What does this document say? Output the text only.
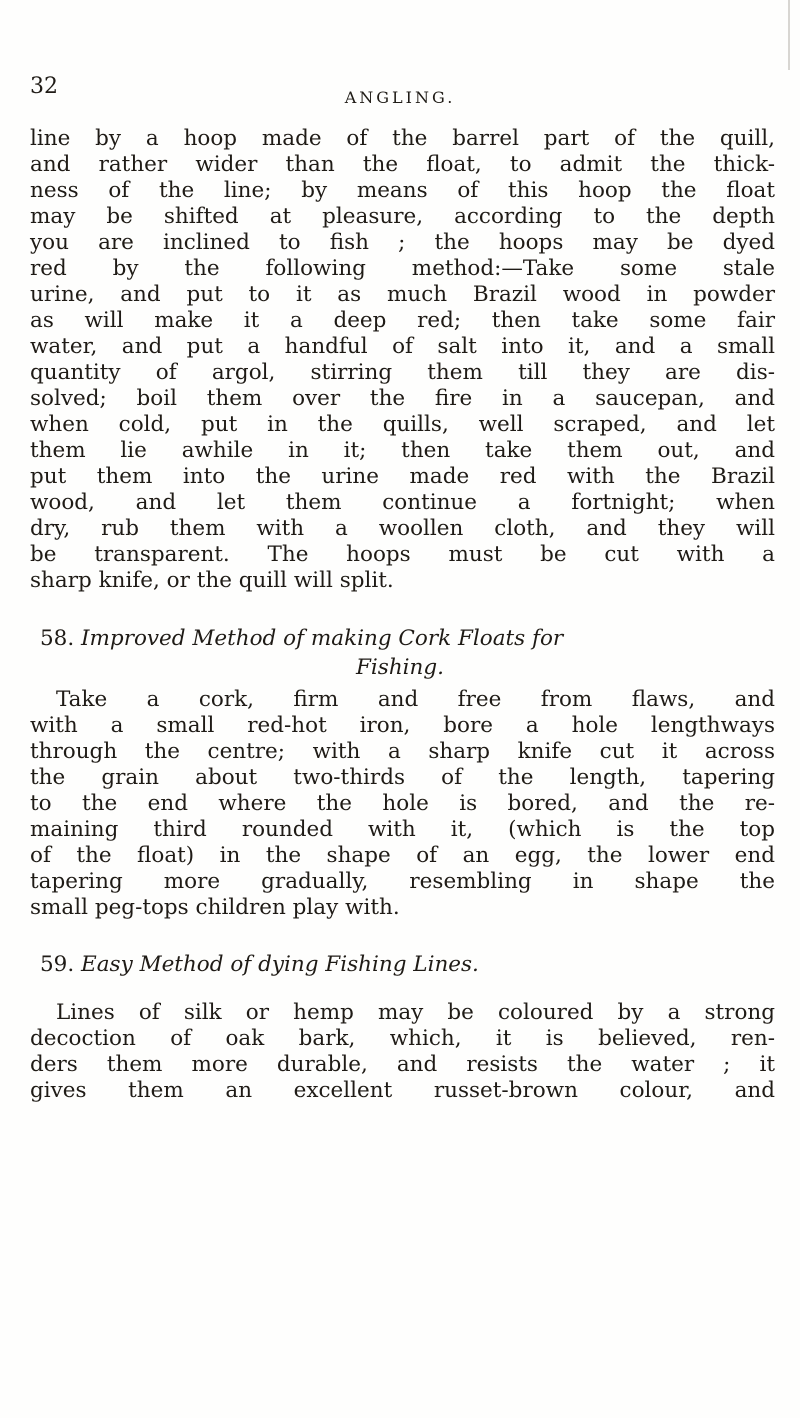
32	ANGLING.

line by a hoop made of the barrel part of the quill,

and rather wider than the float, to admit the thick-

ness of the line; by means of this hoop the float

may be shifted at pleasure, according to the depth

you are inclined to fish ; the hoops may be dyed

red by the following method:—Take some stale

urine, and put to it as much Brazil wood in powder

as will make it a deep red; then take some fair

water, and put a handful of salt into it, and a small

quantity of argol, stirring them till they are dis-

solved; boil them over the fire in a saucepan, and

when cold, put in the quills, well scraped, and let

them lie awhile in it; then take them out, and

put them into the urine made red with the Brazil

wood, and let them continue a fortnight; when

dry, rub them with a woollen cloth, and they will

be transparent. The hoops must be cut with a

sharp knife, or the quill will split.

58. Improved Method of making Cork Floats for

Fishing.

Take a cork, firm and free from flaws, and

with a small red-hot iron, bore a hole lengthways

through the centre; with a sharp knife cut it across

the grain about two-thirds of the length, tapering

to the end where the hole is bored, and the re-

maining third rounded with it, (which is the top

of the float) in the shape of an egg, the lower end

tapering more gradually, resembling in shape the

small peg-tops children play with.

59. Easy Method of dying Fishing Lines.

Lines of silk or hemp may be coloured by a strong

decoction of oak bark, which, it is believed, ren-

ders them more durable, and resists the water ; it

gives them an excellent russet-brown colour, and
